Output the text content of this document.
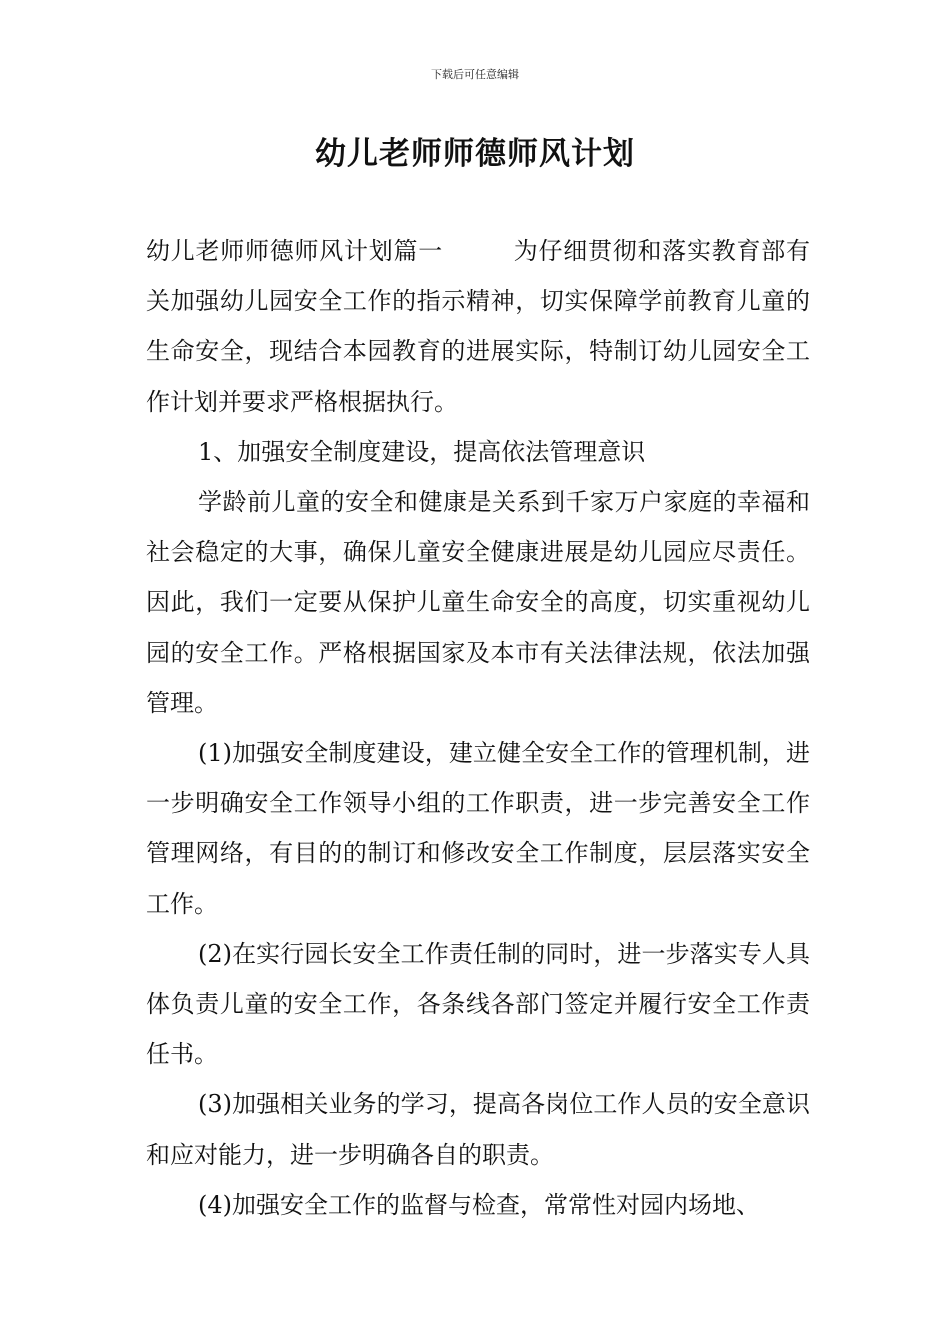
下载后可任意编辑
幼儿老师师德师风计划

幼儿老师师德师风计划篇一	为仔细贯彻和落实教育部有关加强幼儿园安全工作的指示精神，切实保障学前教育儿童的生命安全，现结合本园教育的进展实际，特制订幼儿园安全工作计划并要求严格根据执行。

1、加强安全制度建设，提高依法管理意识

学龄前儿童的安全和健康是关系到千家万户家庭的幸福和社会稳定的大事，确保儿童安全健康进展是幼儿园应尽责任。因此，我们一定要从保护儿童生命安全的高度，切实重视幼儿园的安全工作。严格根据国家及本市有关法律法规，依法加强管理。

(1)加强安全制度建设，建立健全安全工作的管理机制，进一步明确安全工作领导小组的工作职责，进一步完善安全工作管理网络，有目的的制订和修改安全工作制度，层层落实安全工作。

(2)在实行园长安全工作责任制的同时，进一步落实专人具体负责儿童的安全工作，各条线各部门签定并履行安全工作责任书。

(3)加强相关业务的学习，提高各岗位工作人员的安全意识和应对能力，进一步明确各自的职责。

(4)加强安全工作的监督与检查，常常性对园内场地、
